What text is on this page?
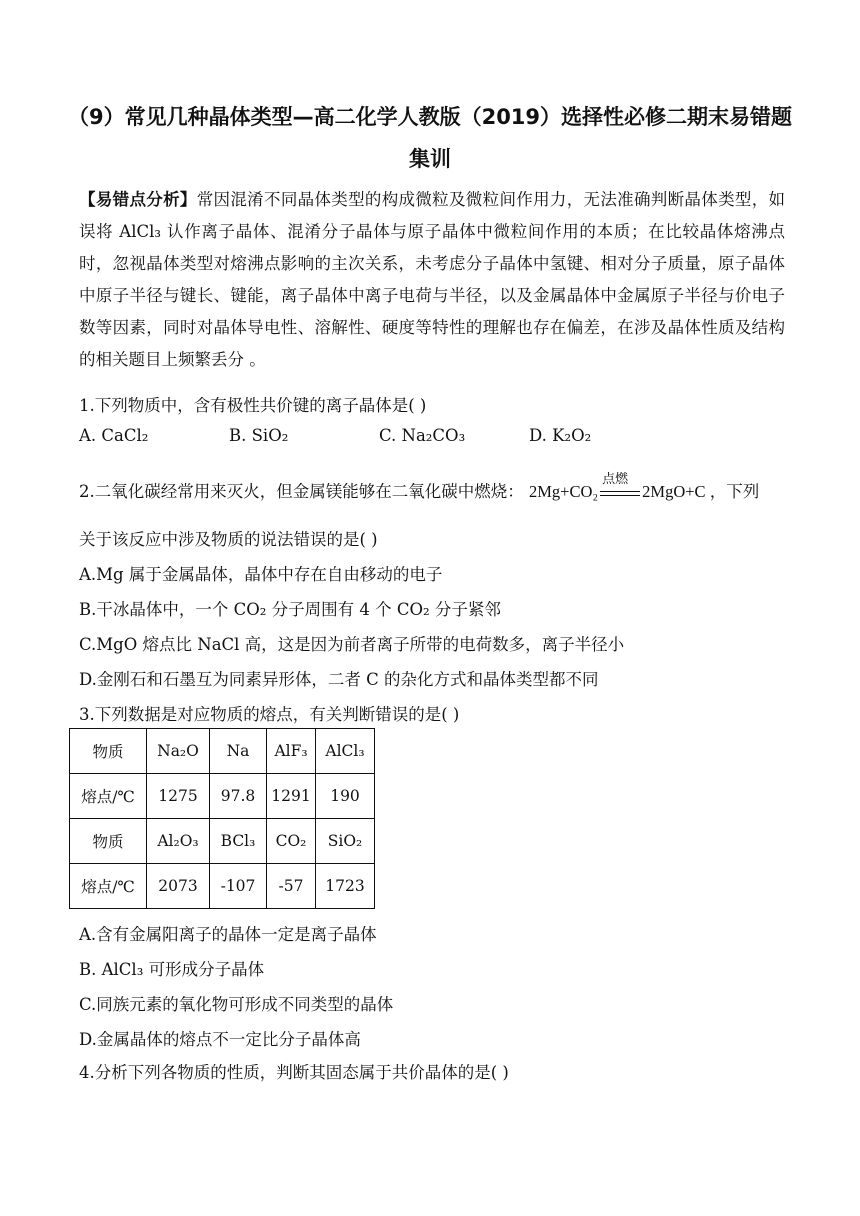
（9）常见几种晶体类型—高二化学人教版（2019）选择性必修二期末易错题集训
【易错点分析】常因混淆不同晶体类型的构成微粒及微粒间作用力，无法准确判断晶体类型，如误将 AlCl₃ 认作离子晶体、混淆分子晶体与原子晶体中微粒间作用的本质；在比较晶体熔沸点时，忽视晶体类型对熔沸点影响的主次关系，未考虑分子晶体中氢键、相对分子质量，原子晶体中原子半径与键长、键能，离子晶体中离子电荷与半径，以及金属晶体中金属原子半径与价电子数等因素，同时对晶体导电性、溶解性、硬度等特性的理解也存在偏差，在涉及晶体性质及结构的相关题目上频繁丢分 。
1.下列物质中，含有极性共价键的离子晶体是( )
A. CaCl₂	B. SiO₂	C. Na₂CO₃	D. K₂O₂
2.二氧化碳经常用来灭火，但金属镁能够在二氧化碳中燃烧： 2Mg+CO₂
点燃
2MgO+C ，下列
关于该反应中涉及物质的说法错误的是( )
A.Mg 属于金属晶体，晶体中存在自由移动的电子
B.干冰晶体中，一个 CO₂ 分子周围有 4 个 CO₂ 分子紧邻
C.MgO 熔点比 NaCl 高，这是因为前者离子所带的电荷数多，离子半径小
D.金刚石和石墨互为同素异形体，二者 C 的杂化方式和晶体类型都不同
3.下列数据是对应物质的熔点，有关判断错误的是( )
物质	Na₂O	Na	AlF₃	AlCl₃
熔点/℃	1275	97.8	1291	190
物质	Al₂O₃	BCl₃	CO₂	SiO₂
熔点/℃	2073	-107	-57	1723
A.含有金属阳离子的晶体一定是离子晶体
B. AlCl₃ 可形成分子晶体
C.同族元素的氧化物可形成不同类型的晶体
D.金属晶体的熔点不一定比分子晶体高
4.分析下列各物质的性质，判断其固态属于共价晶体的是( )
